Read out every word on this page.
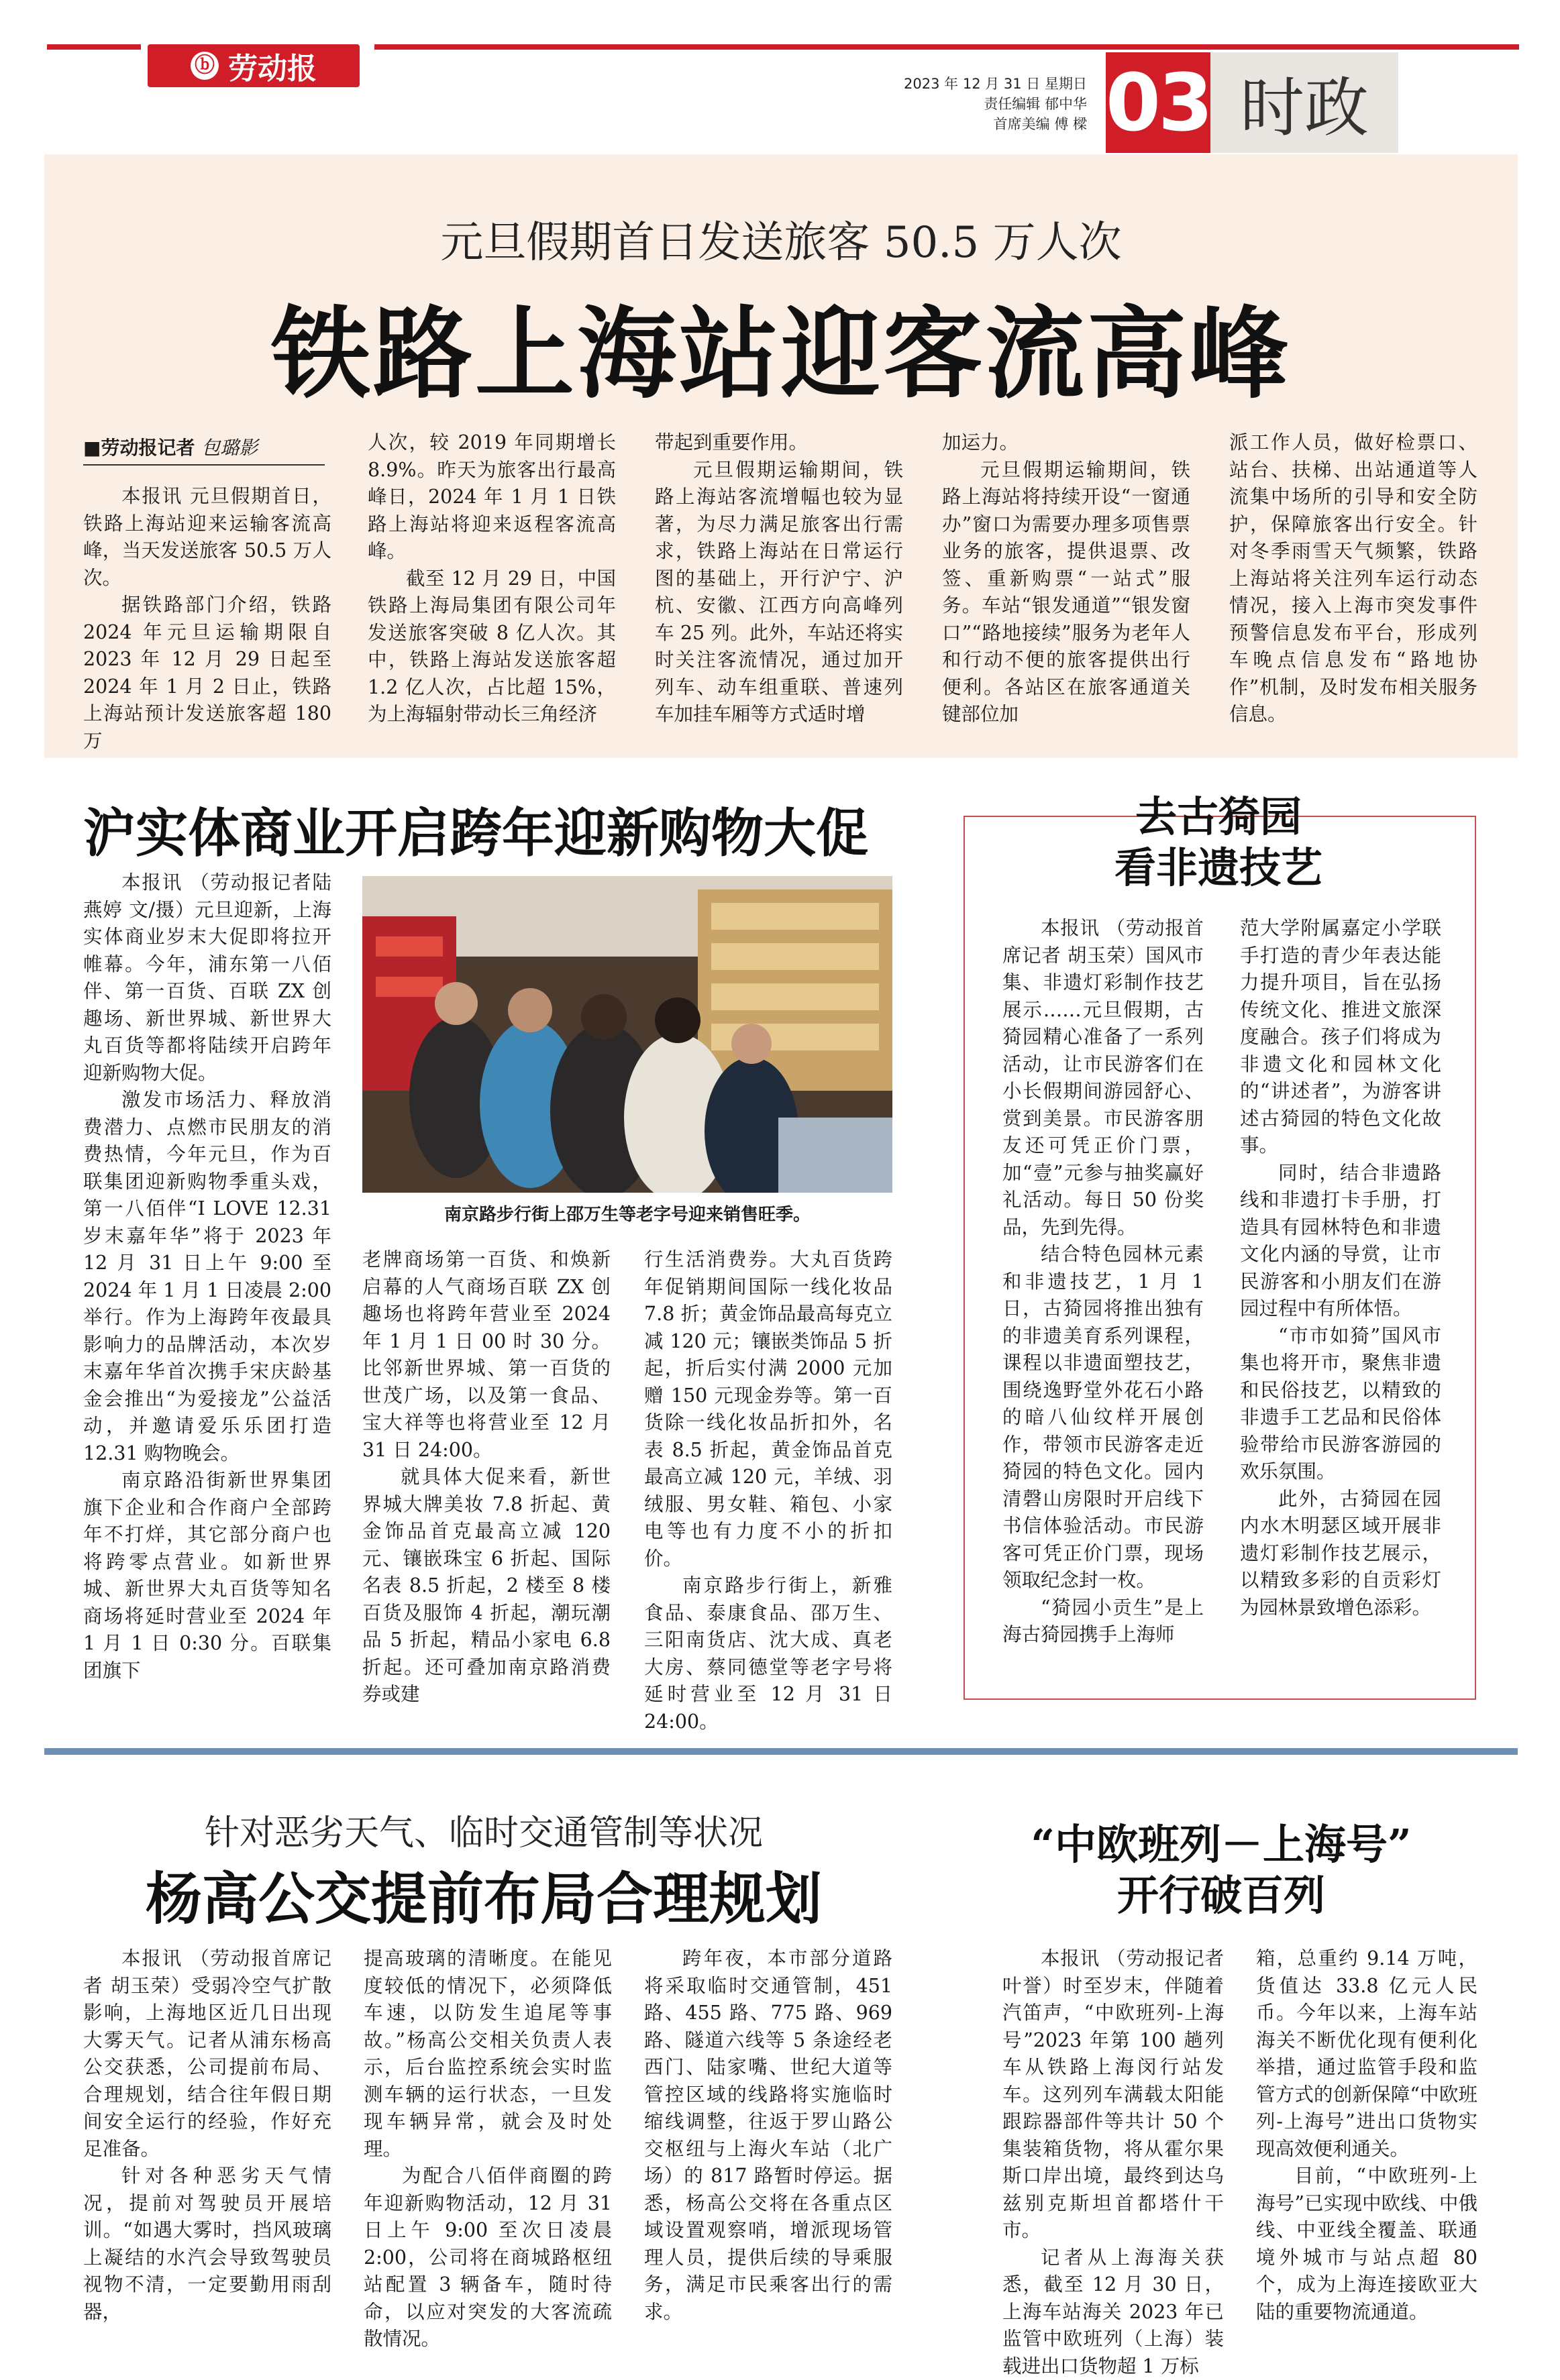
ⓑ 劳动报	2023 年 12 月 31 日 星期日
责任编辑 郁中华
首席美编 傅 樑 03 时政
元旦假期首日发送旅客 50.5 万人次
铁路上海站迎客流高峰
■劳动报记者 包璐影

本报讯 元旦假期首日，铁路上海站迎来运输客流高峰，当天发送旅客 50.5 万人次。

据铁路部门介绍，铁路 2024 年元旦运输期限自 2023 年 12 月 29 日起至 2024 年 1 月 2 日止，铁路上海站预计发送旅客超 180 万

人次，较 2019 年同期增长 8.9%。昨天为旅客出行最高峰日，2024 年 1 月 1 日铁路上海站将迎来返程客流高峰。

截至 12 月 29 日，中国铁路上海局集团有限公司年发送旅客突破 8 亿人次。其中，铁路上海站发送旅客超 1.2 亿人次，占比超 15%，为上海辐射带动长三角经济

带起到重要作用。

元旦假期运输期间，铁路上海站客流增幅也较为显著，为尽力满足旅客出行需求，铁路上海站在日常运行图的基础上，开行沪宁、沪杭、安徽、江西方向高峰列车 25 列。此外，车站还将实时关注客流情况，通过加开列车、动车组重联、普速列车加挂车厢等方式适时增

加运力。

元旦假期运输期间，铁路上海站将持续开设“一窗通办”窗口为需要办理多项售票业务的旅客，提供退票、改签、重新购票“一站式”服务。车站“银发通道”“银发窗口”“路地接续”服务为老年人和行动不便的旅客提供出行便利。各站区在旅客通道关键部位加

派工作人员，做好检票口、站台、扶梯、出站通道等人流集中场所的引导和安全防护，保障旅客出行安全。针对冬季雨雪天气频繁，铁路上海站将关注列车运行动态情况，接入上海市突发事件预警信息发布平台，形成列车晚点信息发布“路地协作”机制，及时发布相关服务信息。

沪实体商业开启跨年迎新购物大促

本报讯 （劳动报记者陆燕婷 文/摄）元旦迎新，上海实体商业岁末大促即将拉开帷幕。今年，浦东第一八佰伴、第一百货、百联 ZX 创趣场、新世界城、新世界大丸百货等都将陆续开启跨年迎新购物大促。

激发市场活力、释放消费潜力、点燃市民朋友的消费热情，今年元旦，作为百联集团迎新购物季重头戏，第一八佰伴“I LOVE 12.31 岁末嘉年华”将于 2023 年 12 月 31 日上午 9:00 至 2024 年 1 月 1 日凌晨 2:00 举行。作为上海跨年夜最具影响力的品牌活动，本次岁末嘉年华首次携手宋庆龄基金会推出“为爱接龙”公益活动，并邀请爱乐乐团打造 12.31 购物晚会。

南京路沿街新世界集团旗下企业和合作商户全部跨年不打烊，其它部分商户也将跨零点营业。如新世界城、新世界大丸百货等知名商场将延时营业至 2024 年 1 月 1 日 0:30 分。百联集团旗下

南京路步行街上邵万生等老字号迎来销售旺季。

老牌商场第一百货、和焕新启幕的人气商场百联 ZX 创趣场也将跨年营业至 2024 年 1 月 1 日 00 时 30 分。比邻新世界城、第一百货的世茂广场，以及第一食品、宝大祥等也将营业至 12 月 31 日 24:00。

就具体大促来看，新世界城大牌美妆 7.8 折起、黄金饰品首克最高立减 120 元、镶嵌珠宝 6 折起、国际名表 8.5 折起，2 楼至 8 楼百货及服饰 4 折起，潮玩潮品 5 折起，精品小家电 6.8 折起。还可叠加南京路消费券或建

行生活消费券。大丸百货跨年促销期间国际一线化妆品 7.8 折；黄金饰品最高每克立减 120 元；镶嵌类饰品 5 折起，折后实付满 2000 元加赠 150 元现金券等。第一百货除一线化妆品折扣外，名表 8.5 折起，黄金饰品首克最高立减 120 元，羊绒、羽绒服、男女鞋、箱包、小家电等也有力度不小的折扣价。

南京路步行街上，新雅食品、泰康食品、邵万生、三阳南货店、沈大成、真老大房、蔡同德堂等老字号将延时营业至 12 月 31 日 24:00。

去古猗园
看非遗技艺

本报讯 （劳动报首席记者 胡玉荣）国风市集、非遗灯彩制作技艺展示……元旦假期，古猗园精心准备了一系列活动，让市民游客们在小长假期间游园舒心、赏到美景。市民游客朋友还可凭正价门票，加“壹”元参与抽奖赢好礼活动。每日 50 份奖品，先到先得。

结合特色园林元素和非遗技艺，1 月 1 日，古猗园将推出独有的非遗美育系列课程，课程以非遗面塑技艺，围绕逸野堂外花石小路的暗八仙纹样开展创作，带领市民游客走近猗园的特色文化。园内清磬山房限时开启线下书信体验活动。市民游客可凭正价门票，现场领取纪念封一枚。

“猗园小贡生”是上海古猗园携手上海师

范大学附属嘉定小学联手打造的青少年表达能力提升项目，旨在弘扬传统文化、推进文旅深度融合。孩子们将成为非遗文化和园林文化的“讲述者”，为游客讲述古猗园的特色文化故事。

同时，结合非遗路线和非遗打卡手册，打造具有园林特色和非遗文化内涵的导赏，让市民游客和小朋友们在游园过程中有所体悟。

“市市如猗”国风市集也将开市，聚焦非遗和民俗技艺，以精致的非遗手工艺品和民俗体验带给市民游客游园的欢乐氛围。

此外，古猗园在园内水木明瑟区域开展非遗灯彩制作技艺展示，以精致多彩的自贡彩灯为园林景致增色添彩。

针对恶劣天气、临时交通管制等状况
杨高公交提前布局合理规划

本报讯 （劳动报首席记者 胡玉荣）受弱冷空气扩散影响，上海地区近几日出现大雾天气。记者从浦东杨高公交获悉，公司提前布局、合理规划，结合往年假日期间安全运行的经验，作好充足准备。

针对各种恶劣天气情况，提前对驾驶员开展培训。“如遇大雾时，挡风玻璃上凝结的水汽会导致驾驶员视物不清，一定要勤用雨刮器，

提高玻璃的清晰度。在能见度较低的情况下，必须降低车速，以防发生追尾等事故。”杨高公交相关负责人表示，后台监控系统会实时监测车辆的运行状态，一旦发现车辆异常，就会及时处理。

为配合八佰伴商圈的跨年迎新购物活动，12 月 31 日上午 9:00 至次日凌晨 2:00，公司将在商城路枢纽站配置 3 辆备车，随时待命，以应对突发的大客流疏散情况。

跨年夜，本市部分道路将采取临时交通管制，451 路、455 路、775 路、969 路、隧道六线等 5 条途经老西门、陆家嘴、世纪大道等管控区域的线路将实施临时缩线调整，往返于罗山路公交枢纽与上海火车站（北广场）的 817 路暂时停运。据悉，杨高公交将在各重点区域设置观察哨，增派现场管理人员，提供后续的导乘服务，满足市民乘客出行的需求。

“中欧班列－上海号”
开行破百列

本报讯 （劳动报记者 叶誉）时至岁末，伴随着汽笛声，“中欧班列-上海号”2023 年第 100 趟列车从铁路上海闵行站发车。这列列车满载太阳能跟踪器部件等共计 50 个集装箱货物，将从霍尔果斯口岸出境，最终到达乌兹别克斯坦首都塔什干市。

记者从上海海关获悉，截至 12 月 30 日，上海车站海关 2023 年已监管中欧班列（上海）装载进出口货物超 1 万标

箱，总重约 9.14 万吨，货值达 33.8 亿元人民币。今年以来，上海车站海关不断优化现有便利化举措，通过监管手段和监管方式的创新保障“中欧班列-上海号”进出口货物实现高效便利通关。

目前，“中欧班列-上海号”已实现中欧线、中俄线、中亚线全覆盖、联通境外城市与站点超 80 个，成为上海连接欧亚大陆的重要物流通道。
